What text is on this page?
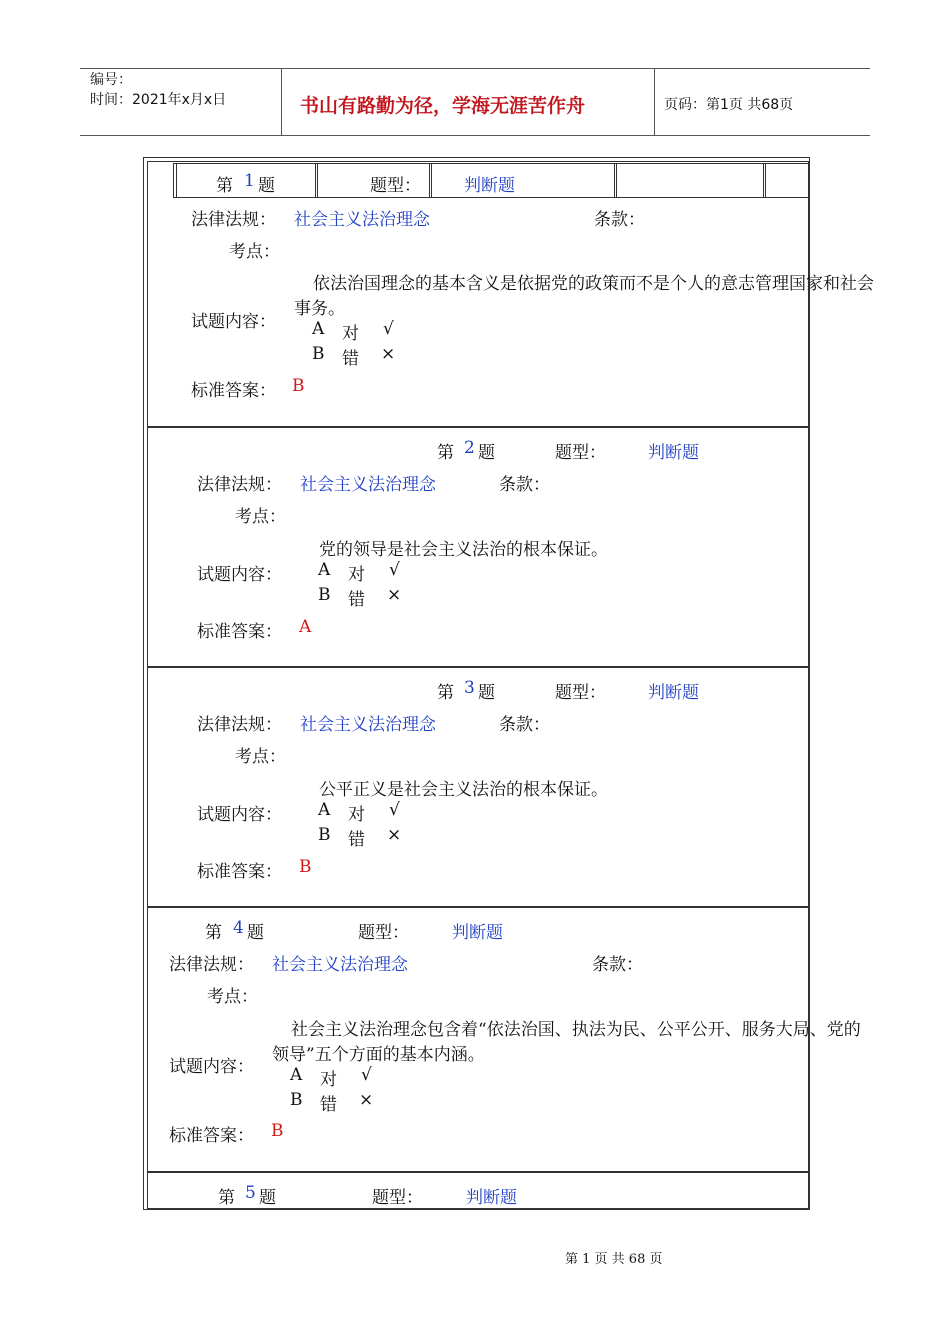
编号：
时间：2021年x月x日	书山有路勤为径，学海无涯苦作舟	页码：第1页 共68页
第 1 题	题型：	判断题
法律法规： 社会主义法治理念	条款：
考点：
依法治国理念的基本含义是依据党的政策而不是个人的意志管理国家和社会
事务。
试题内容： A 对 √
B 错 ×
标准答案： B
第 2 题	题型： 判断题
法律法规： 社会主义法治理念	条款：
考点：
党的领导是社会主义法治的根本保证。
试题内容： A 对 √
B 错 ×
标准答案： A
第 3 题	题型： 判断题
法律法规： 社会主义法治理念	条款：
考点：
公平正义是社会主义法治的根本保证。
试题内容： A 对 √
B 错 ×
标准答案： B
第 4 题	题型：	判断题
法律法规： 社会主义法治理念	条款：
考点：
社会主义法治理念包含着“依法治国、执法为民、公平公开、服务大局、党的
领导”五个方面的基本内涵。
试题内容： A 对 √
B 错 ×
标准答案： B
第 5 题	题型：	判断题
第 1 页 共 68 页
